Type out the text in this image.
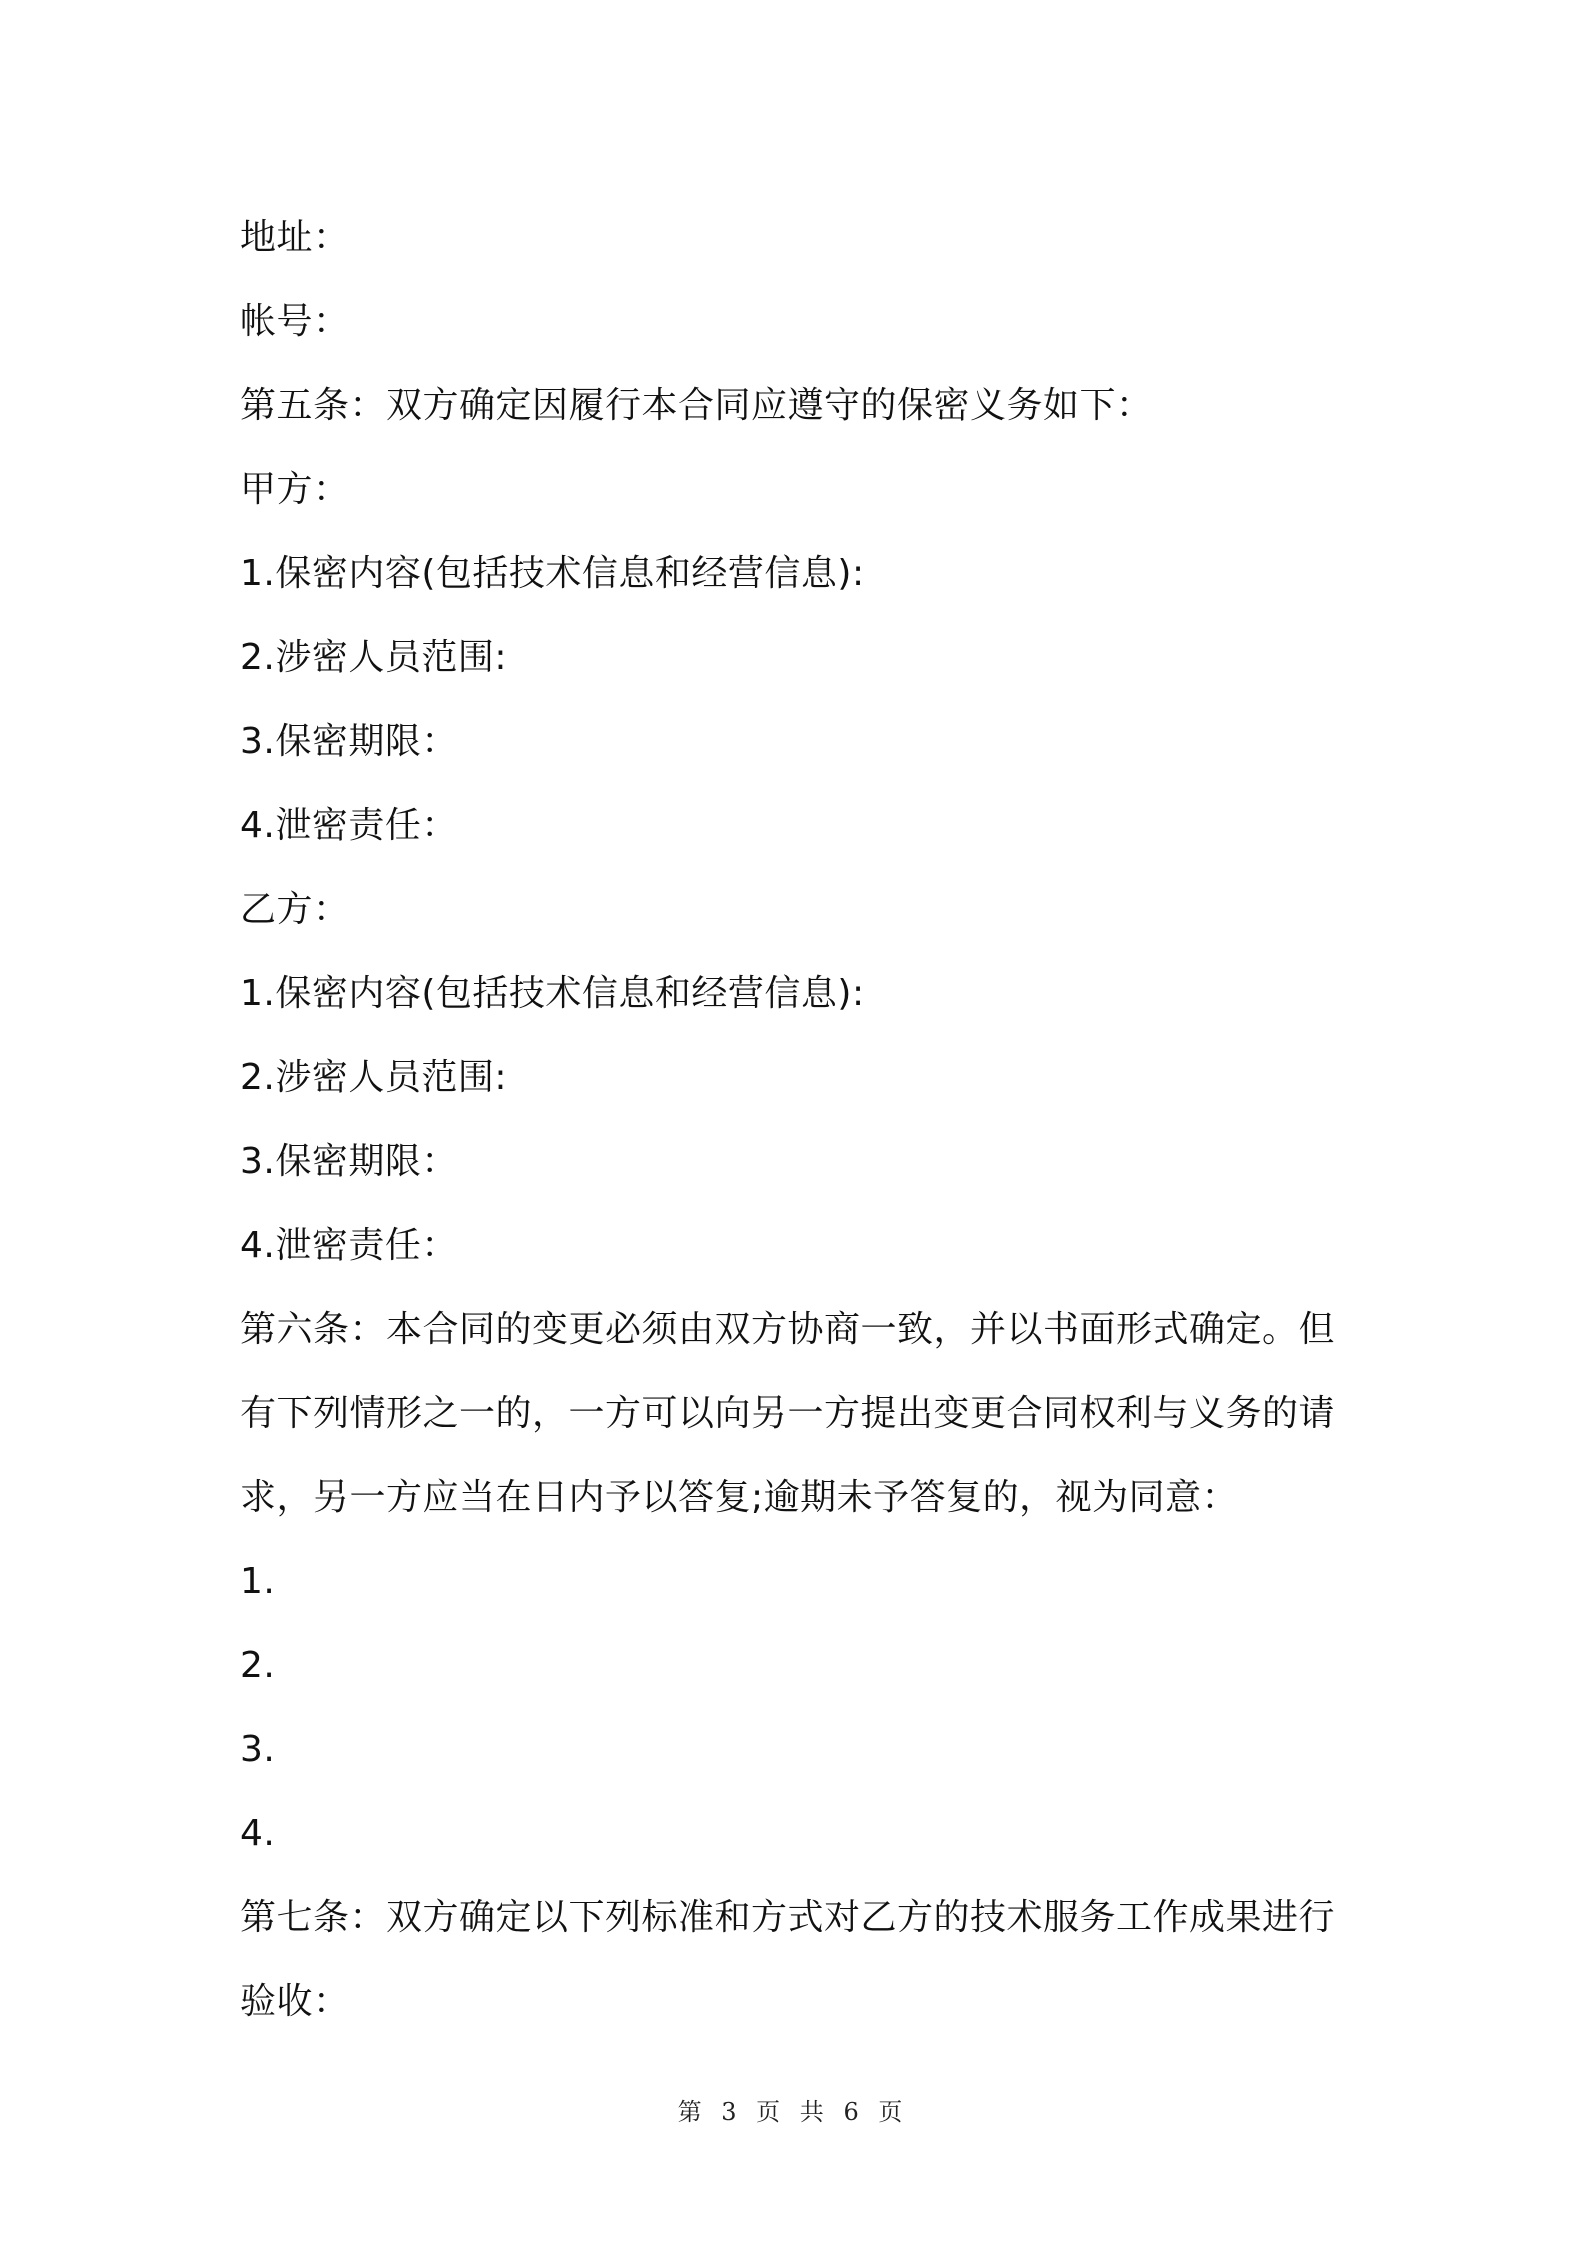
地址：
帐号：
第五条：双方确定因履行本合同应遵守的保密义务如下：
甲方：
1.保密内容(包括技术信息和经营信息):
2.涉密人员范围:
3.保密期限：
4.泄密责任：
乙方：
1.保密内容(包括技术信息和经营信息):
2.涉密人员范围:
3.保密期限：
4.泄密责任：
第六条：本合同的变更必须由双方协商一致，并以书面形式确定。但
有下列情形之一的，一方可以向另一方提出变更合同权利与义务的请
求，另一方应当在日内予以答复;逾期未予答复的，视为同意：
1.
2.
3.
4.
第七条：双方确定以下列标准和方式对乙方的技术服务工作成果进行
验收：
第 3 页 共 6 页
